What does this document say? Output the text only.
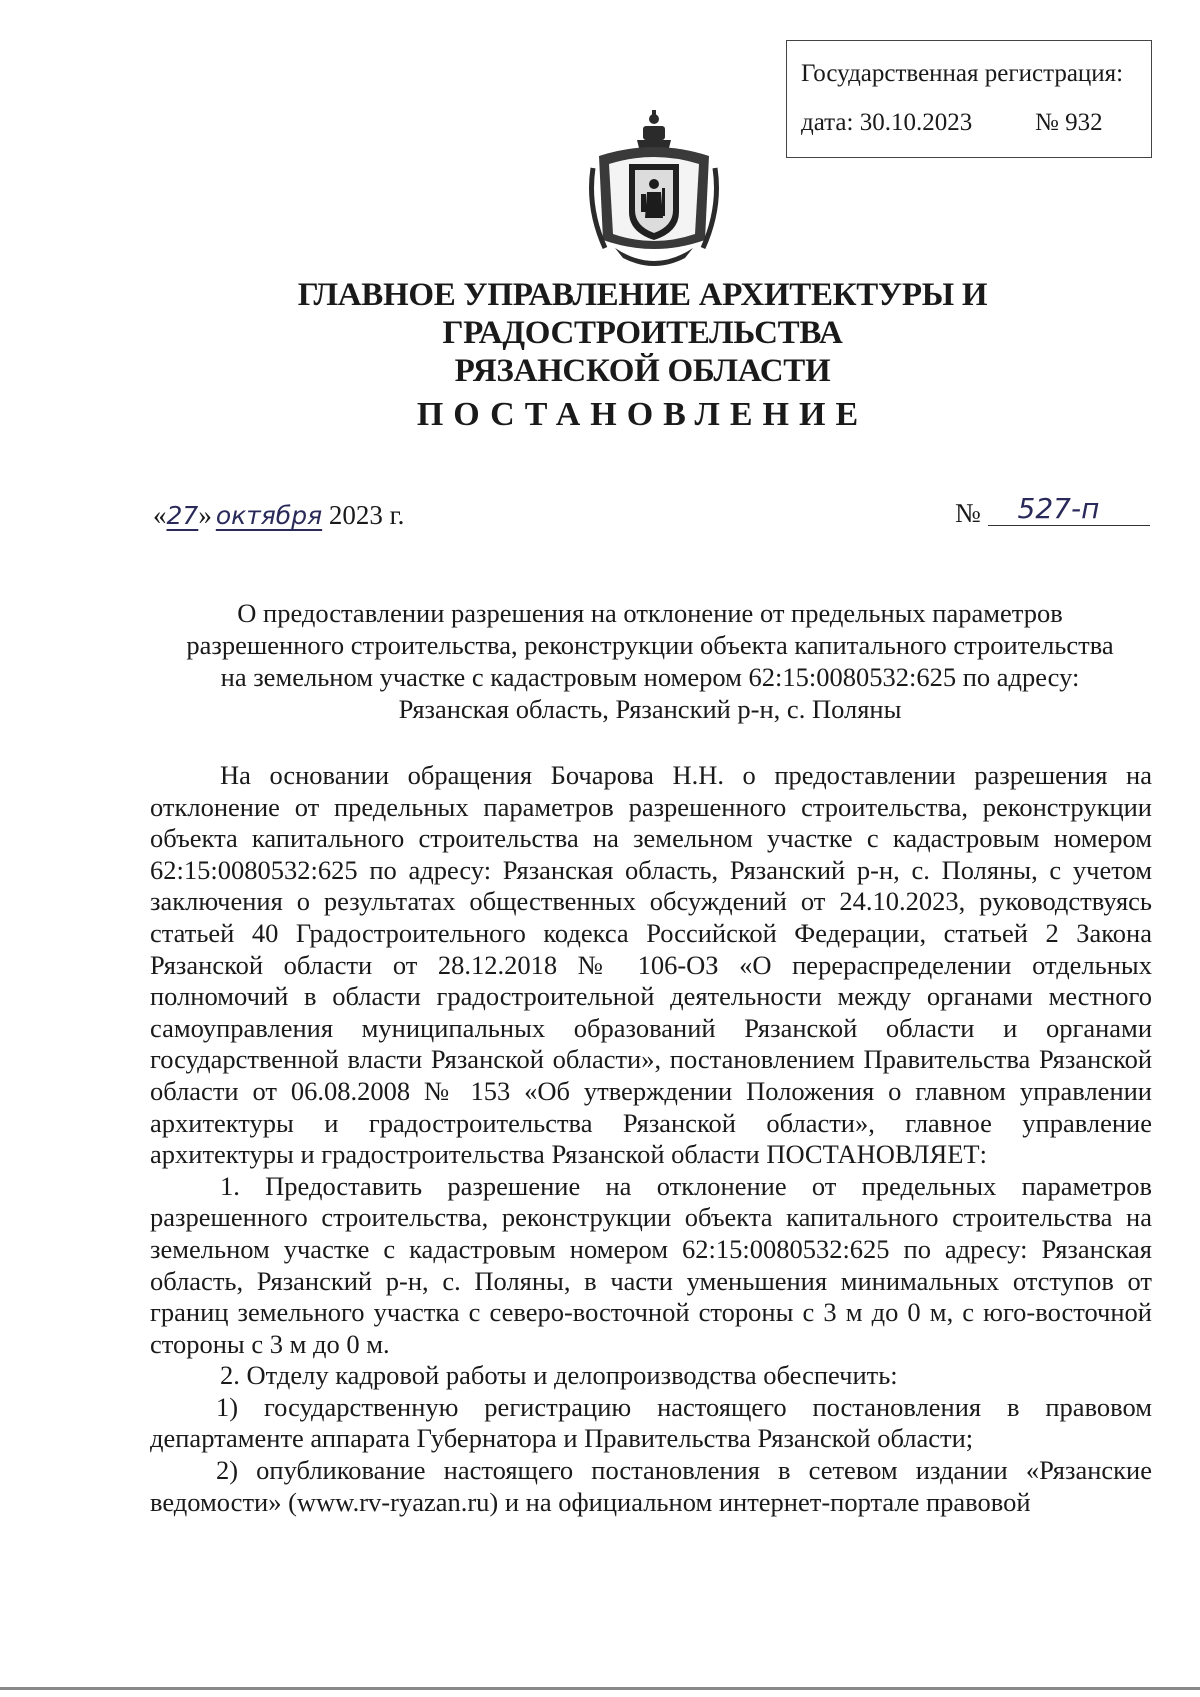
Государственная регистрация:
дата: 30.10.2023	№ 932
ГЛАВНОЕ УПРАВЛЕНИЕ АРХИТЕКТУРЫ И ГРАДОСТРОИТЕЛЬСТВА
РЯЗАНСКОЙ ОБЛАСТИ
ПОСТАНОВЛЕНИЕ
«27» октября 2023 г.	№ 527-п
О предоставлении разрешения на отклонение от предельных параметров
разрешенного строительства, реконструкции объекта капитального строительства
на земельном участке с кадастровым номером 62:15:0080532:625 по адресу:
Рязанская область, Рязанский р-н, с. Поляны

На основании обращения Бочарова Н.Н. о предоставлении разрешения на отклонение от предельных параметров разрешенного строительства, реконструкции объекта капитального строительства на земельном участке с кадастровым номером 62:15:0080532:625 по адресу: Рязанская область, Рязанский р-н, с. Поляны, с учетом заключения о результатах общественных обсуждений от 24.10.2023, руководствуясь статьей 40 Градостроительного кодекса Российской Федерации, статьей 2 Закона Рязанской области от 28.12.2018 № 106-ОЗ «О перераспределении отдельных полномочий в области градостроительной деятельности между органами местного самоуправления муниципальных образований Рязанской области и органами государственной власти Рязанской области», постановлением Правительства Рязанской области от 06.08.2008 № 153 «Об утверждении Положения о главном управлении архитектуры и градостроительства Рязанской области», главное управление архитектуры и градостроительства Рязанской области ПОСТАНОВЛЯЕТ:

1. Предоставить разрешение на отклонение от предельных параметров разрешенного строительства, реконструкции объекта капитального строительства на земельном участке с кадастровым номером 62:15:0080532:625 по адресу: Рязанская область, Рязанский р-н, с. Поляны, в части уменьшения минимальных отступов от границ земельного участка с северо-восточной стороны с 3 м до 0 м, с юго-восточной стороны с 3 м до 0 м.

2. Отделу кадровой работы и делопроизводства обеспечить:

1) государственную регистрацию настоящего постановления в правовом департаменте аппарата Губернатора и Правительства Рязанской области;

2) опубликование настоящего постановления в сетевом издании «Рязанские ведомости» (www.rv-ryazan.ru) и на официальном интернет-портале правовой
